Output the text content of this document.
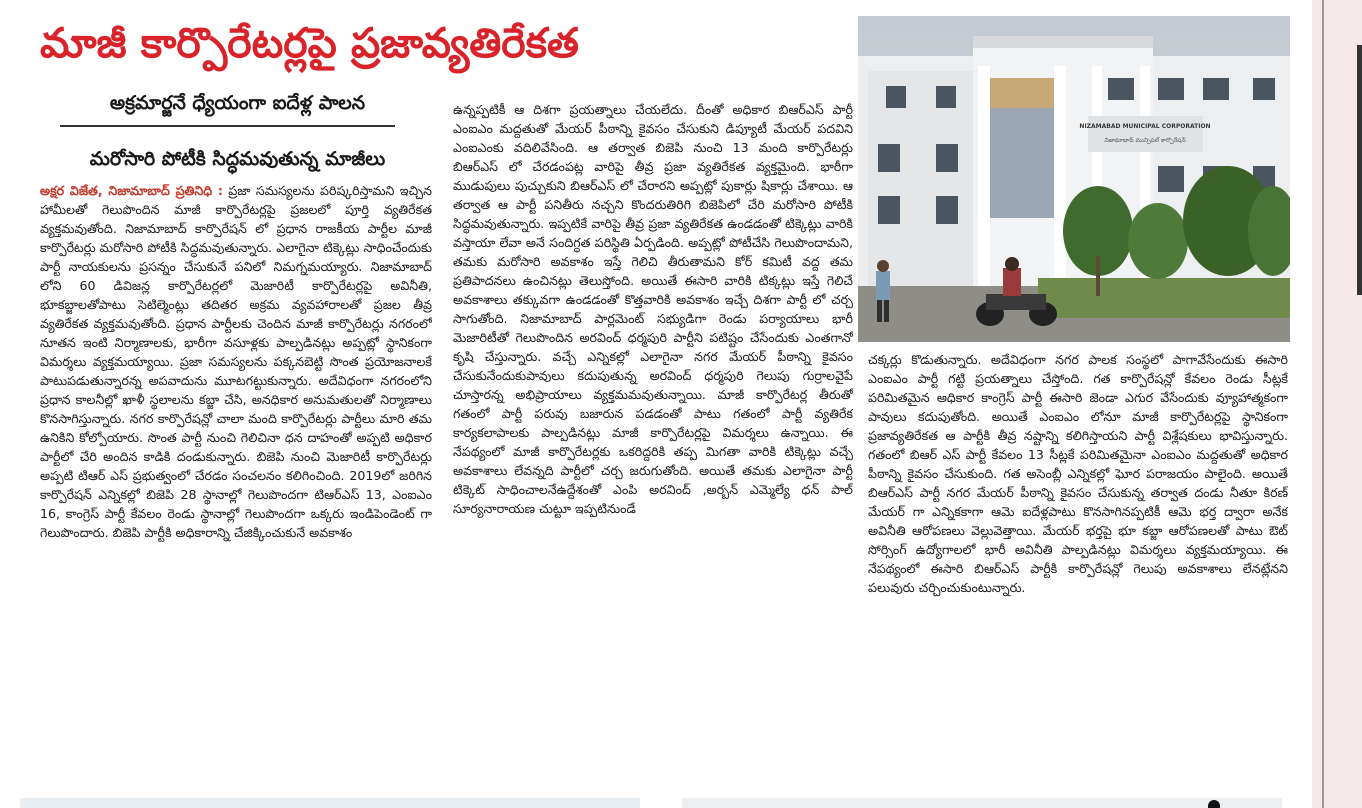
మాజీ కార్పొరేటర్లపై ప్రజావ్యతిరేకత
అక్రమార్జనే ధ్యేయంగా ఐదేళ్ల పాలన
మరోసారి పోటీకి సిద్ధమవుతున్న మాజీలు
అక్షర విజేత, నిజామాబాద్ ప్రతినిధి : ప్రజా సమస్యలను పరిష్కరిస్తామని ఇచ్చిన హామీలతో గెలుపొందిన మాజీ కార్పొరేటర్లపై ప్రజలలో పూర్తి వ్యతిరేకత వ్యక్తమవుతోంది. నిజామాబాద్ కార్పొరేషన్ లో ప్రధాన రాజకీయ పార్టీల మాజీ కార్పొరేటర్లు మరోసారి పోటీకి సిద్ధమవుతున్నారు. ఎలాగైనా టిక్కెట్లు సాధించేందుకు పార్టీ నాయకులను ప్రసన్నం చేసుకునే పనిలో నిమగ్నమయ్యారు. నిజామాబాద్ లోని 60 డివిజన్ల కార్పొరేటర్లలో మెజారిటీ కార్పొరేటర్లపై అవినీతి, భూకబ్జాలతోపాటు సెటిల్మెంట్లు తదితర అక్రమ వ్యవహారాలతో ప్రజల తీవ్ర వ్యతిరేకత వ్యక్తమవుతోంది. ప్రధాన పార్టీలకు చెందిన మాజీ కార్పొరేటర్లు నగరంలో నూతన ఇంటి నిర్మాణాలకు, భారీగా వసూళ్లకు పాల్పడినట్లు అప్పట్లో స్థానికంగా విమర్శలు వ్యక్తమయ్యాయి. ప్రజా సమస్యలను పక్కనబెట్టి సొంత ప్రయోజనాలకే పాటుపడుతున్నారన్న అపవాదును మూటగట్టుకున్నారు. అదేవిధంగా నగరంలోని ప్రధాన కాలనీల్లో ఖాళీ స్థలాలను కబ్జా చేసి, అనధికార అనుమతులతో నిర్మాణాలు కొనసాగిస్తున్నారు. నగర కార్పొరేషన్లో చాలా మంది కార్పొరేటర్లు పార్టీలు మారి తమ ఉనికిని కోల్పోయారు. సొంత పార్టీ నుంచి గెలిచినా ధన దాహంతో అప్పటి అధికార పార్టీలో చేరి అందిన కాడికి దండుకున్నారు. బిజెపి నుంచి మెజారిటీ కార్పొరేటర్లు అప్పటి టిఆర్ ఎస్ ప్రభుత్వంలో చేరడం సంచలనం కలిగించింది. 2019లో జరిగిన కార్పొరేషన్ ఎన్నికల్లో బిజెపి 28 స్థానాల్లో గెలుపొందగా టిఆర్ఎస్ 13, ఎంఐఎం 16, కాంగ్రెస్ పార్టీ కేవలం రెండు స్థానాల్లో గెలుపొందగా ఒక్కరు ఇండిపెండెంట్ గా గెలుపొందారు. బిజెపి పార్టీకి అధికారాన్ని చేజిక్కించుకునే అవకాశం
ఉన్నప్పటికీ ఆ దిశగా ప్రయత్నాలు చేయలేదు. దీంతో అధికార బిఆర్ఎస్ పార్టీ ఎంఐఎం మద్దతుతో మేయర్ పీఠాన్ని కైవసం చేసుకుని డిప్యూటీ మేయర్ పదవిని ఎంఐఎంకు వదిలివేసింది. ఆ తర్వాత బిజెపి నుంచి 13 మంది కార్పొరేటర్లు బిఆర్ఎస్ లో చేరడంపట్ల వారిపై తీవ్ర ప్రజా వ్యతిరేకత వ్యక్తమైంది. భారీగా ముడుపులు పుచ్చుకుని బిఆర్ఎస్ లో చేరారని అప్పట్లో పుకార్లు షికార్లు చేశాయి. ఆ తర్వాత ఆ పార్టీ పనితీరు నచ్చని కొందరుతిరిగి బిజెపిలో చేరి మరోసారి పోటీకి సిద్ధమవుతున్నారు. ఇప్పటికే వారిపై తీవ్ర ప్రజా వ్యతిరేకత ఉండడంతో టిక్కెట్లు వారికి వస్తాయా లేవా అనే సందిగ్ధత పరిస్థితి ఏర్పడింది. అప్పట్లో పోటీచేసి గెలుపొందామని, తమకు మరోసారి అవకాశం ఇస్తే గెలిచి తీరుతామని కోర్ కమిటీ వద్ద తమ ప్రతిపాదనలు ఉంచినట్లు తెలుస్తోంది. అయితే ఈసారి వారికి టిక్కట్లు ఇస్తే గెలిచే అవకాశాలు తక్కువగా ఉండడంతో కొత్తవారికి అవకాశం ఇచ్చే దిశగా పార్టీ లో చర్చ సాగుతోంది. నిజామాబాద్ పార్లమెంట్ సభ్యుడిగా రెండు పర్యాయాలు భారీ మెజారిటీతో గెలుపొందిన అరవింద్ ధర్మపురి పార్టీని పటిష్టం చేసేందుకు ఎంతగానో కృషి చేస్తున్నారు. వచ్చే ఎన్నికల్లో ఎలాగైనా నగర మేయర్ పీఠాన్ని కైవసం చేసుకునేందుకుపావులు కదుపుతున్న అరవింద్ ధర్మపురి గెలుపు గుర్రాలవైపే చూస్తారన్న అభిప్రాయాలు వ్యక్తమమవుతున్నాయి. మాజీ కార్పొరేటర్ల తీరుతో గతంలో పార్టీ పరువు బజారున పడడంతో పాటు గతంలో పార్టీ వ్యతిరేక కార్యకలాపాలకు పాల్పడినట్లు మాజీ కార్పొరేటర్లపై విమర్శలు ఉన్నాయి. ఈ నేపథ్యంలో మాజీ కార్పొరేటర్లకు ఒకరిద్దరికి తప్ప మిగతా వారికి టిక్కెట్లు వచ్చే అవకాశాలు లేవన్నది పార్టీలో చర్చ జరుగుతోంది. అయితే తమకు ఎలాగైనా పార్టీ టిక్కెట్ సాధించాలనేఉద్దేశంతో ఎంపి అరవింద్ ,అర్బన్ ఎమ్మెల్యే ధన్ పాల్ సూర్యనారాయణ చుట్టూ ఇప్పటినుండే
NIZAMABAD MUNICIPAL CORPORATION
నిజామాబాద్ మున్సిపల్ కార్పొరేషన్
చక్కర్లు కొడుతున్నారు. అదేవిధంగా నగర పాలక సంస్థలో పాగావేసేందుకు ఈసారి ఎంఐఎం పార్టీ గట్టి ప్రయత్నాలు చేస్తోంది. గత కార్పొరేషన్లో కేవలం రెండు సీట్లకే పరిమితమైన అధికార కాంగ్రెస్ పార్టీ ఈసారి జెండా ఎగుర వేసేందుకు వ్యూహాత్మకంగా పావులు కదుపుతోంది. అయితే ఎంఐఎం లోనూ మాజీ కార్పొరేటర్లపై స్థానికంగా ప్రజావ్యతిరేకత ఆ పార్టీకి తీవ్ర నష్టాన్ని కలిగిస్తాయని పార్టీ విశ్లేషకులు భావిస్తున్నారు. గతంలో బిఆర్ ఎస్ పార్టీ కేవలం 13 సీట్లకే పరిమితమైనా ఎంఐఎం మద్దతుతో అధికార పీఠాన్ని కైవసం చేసుకుంది. గత అసెంబ్లీ ఎన్నికల్లో ఘోర పరాజయం పాలైంది. అయితే బిఆర్ఎస్ పార్టీ నగర మేయర్ పీఠాన్ని కైవసం చేసుకున్న తర్వాత దండు నీతూ కిరణ్ మేయర్ గా ఎన్నికకాగా ఆమె ఐదేళ్లపాటు కొనసాగినప్పటికీ ఆమె భర్త ద్వారా అనేక అవినీతి ఆరోపణలు వెల్లువెత్తాయి. మేయర్ భర్తపై భూ కబ్జా ఆరోపణలతో పాటు ఔట్ సోర్సింగ్ ఉద్యోగాలలో భారీ అవినీతి పాల్పడినట్లు విమర్శలు వ్యక్తమయ్యాయి. ఈ నేపథ్యంలో ఈసారి బిఆర్ఎస్ పార్టీకి కార్పొరేషన్లో గెలుపు అవకాశాలు లేనట్లేనని పలువురు చర్చించుకుంటున్నారు.
